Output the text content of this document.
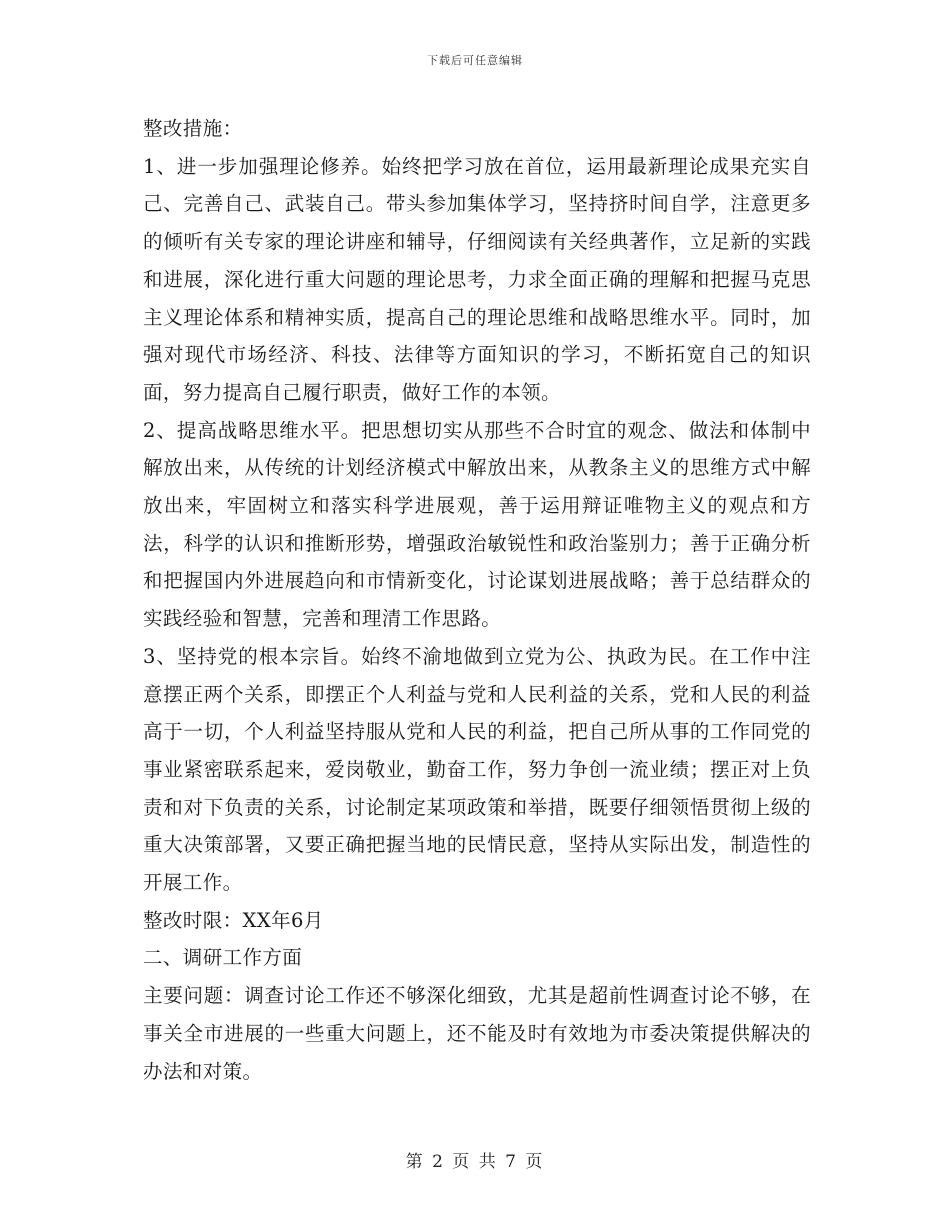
下载后可任意编辑

整改措施：

1、进一步加强理论修养。始终把学习放在首位，运用最新理论成果充实自己、完善自己、武装自己。带头参加集体学习，坚持挤时间自学，注意更多的倾听有关专家的理论讲座和辅导，仔细阅读有关经典著作，立足新的实践和进展，深化进行重大问题的理论思考，力求全面正确的理解和把握马克思主义理论体系和精神实质，提高自己的理论思维和战略思维水平。同时，加强对现代市场经济、科技、法律等方面知识的学习，不断拓宽自己的知识面，努力提高自己履行职责，做好工作的本领。

2、提高战略思维水平。把思想切实从那些不合时宜的观念、做法和体制中解放出来，从传统的计划经济模式中解放出来，从教条主义的思维方式中解放出来，牢固树立和落实科学进展观，善于运用辩证唯物主义的观点和方法，科学的认识和推断形势，增强政治敏锐性和政治鉴别力；善于正确分析和把握国内外进展趋向和市情新变化，讨论谋划进展战略；善于总结群众的实践经验和智慧，完善和理清工作思路。

3、坚持党的根本宗旨。始终不渝地做到立党为公、执政为民。在工作中注意摆正两个关系，即摆正个人利益与党和人民利益的关系，党和人民的利益高于一切，个人利益坚持服从党和人民的利益，把自己所从事的工作同党的事业紧密联系起来，爱岗敬业，勤奋工作，努力争创一流业绩；摆正对上负责和对下负责的关系，讨论制定某项政策和举措，既要仔细领悟贯彻上级的重大决策部署，又要正确把握当地的民情民意，坚持从实际出发，制造性的开展工作。

整改时限：XX年6月

二、调研工作方面

主要问题：调查讨论工作还不够深化细致，尤其是超前性调查讨论不够，在事关全市进展的一些重大问题上，还不能及时有效地为市委决策提供解决的办法和对策。

第 2 页 共 7 页
